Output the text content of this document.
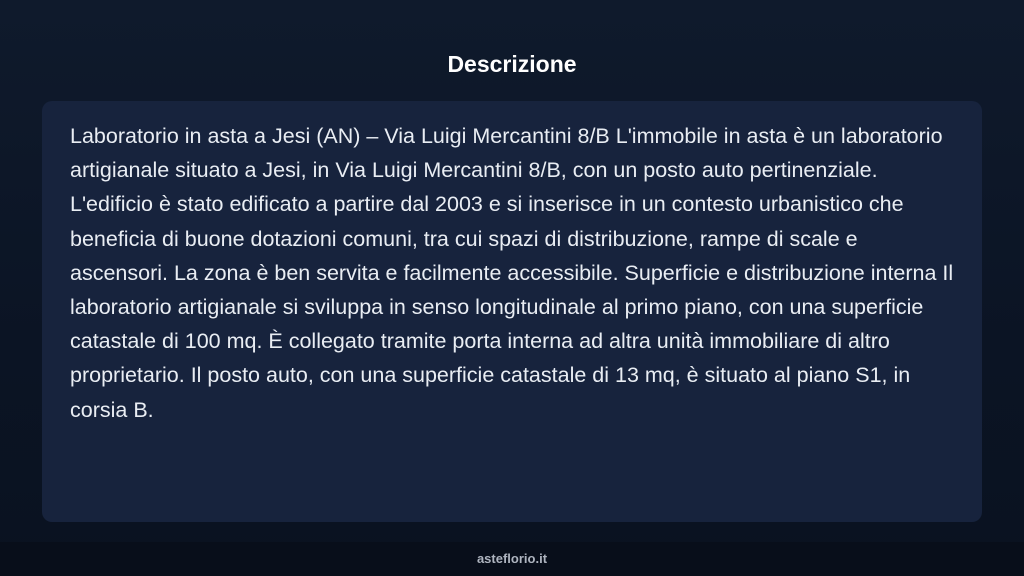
Descrizione

Laboratorio in asta a Jesi (AN) – Via Luigi Mercantini 8/B L'immobile in asta è un laboratorio artigianale situato a Jesi, in Via Luigi Mercantini 8/B, con un posto auto pertinenziale. L'edificio è stato edificato a partire dal 2003 e si inserisce in un contesto urbanistico che beneficia di buone dotazioni comuni, tra cui spazi di distribuzione, rampe di scale e ascensori. La zona è ben servita e facilmente accessibile. Superficie e distribuzione interna Il laboratorio artigianale si sviluppa in senso longitudinale al primo piano, con una superficie catastale di 100 mq. È collegato tramite porta interna ad altra unità immobiliare di altro proprietario. Il posto auto, con una superficie catastale di 13 mq, è situato al piano S1, in corsia B.

asteflorio.it
